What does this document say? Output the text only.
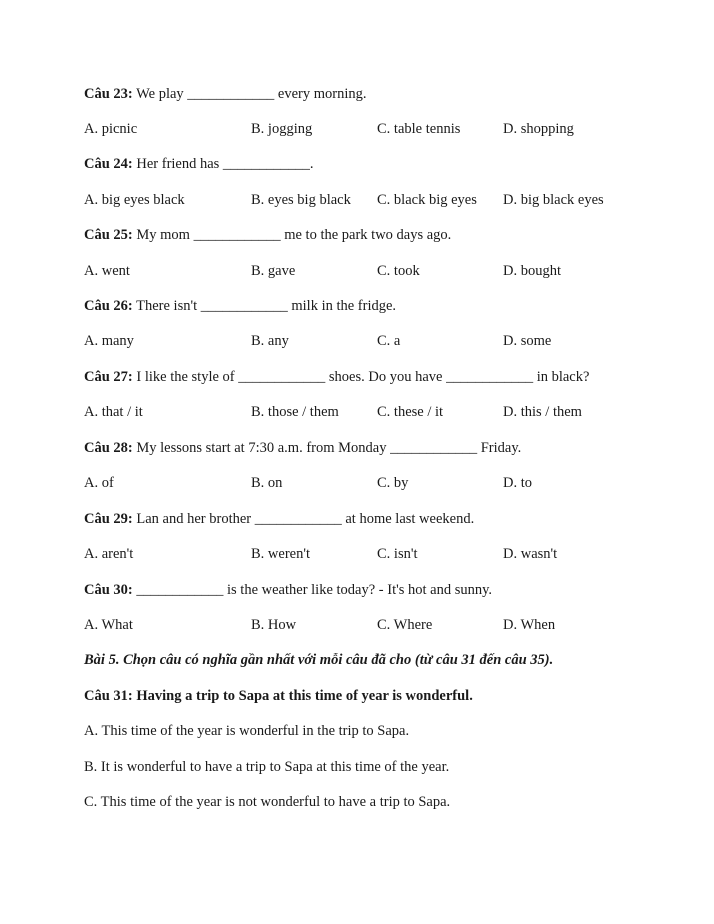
Câu 23: We play ____________ every morning.
A. picnic	B. jogging	C. table tennis	D. shopping
Câu 24: Her friend has ____________.
A. big eyes black	B. eyes big black C. black big eyes D. big black eyes
Câu 25: My mom ____________ me to the park two days ago.
A. went	B. gave	C. took	D. bought
Câu 26: There isn't ____________ milk in the fridge.
A. many	B. any	C. a	D. some
Câu 27: I like the style of ____________ shoes. Do you have ____________ in black?
A. that / it	B. those / them	C. these / it	D. this / them
Câu 28: My lessons start at 7:30 a.m. from Monday ____________ Friday.
A. of	B. on	C. by	D. to
Câu 29: Lan and her brother ____________ at home last weekend.
A. aren't	B. weren't	C. isn't	D. wasn't
Câu 30: ____________ is the weather like today? - It's hot and sunny.
A. What	B. How	C. Where	D. When
Bài 5. Chọn câu có nghĩa gần nhất với mỗi câu đã cho (từ câu 31 đến câu 35).
Câu 31: Having a trip to Sapa at this time of year is wonderful.
A. This time of the year is wonderful in the trip to Sapa.
B. It is wonderful to have a trip to Sapa at this time of the year.
C. This time of the year is not wonderful to have a trip to Sapa.
